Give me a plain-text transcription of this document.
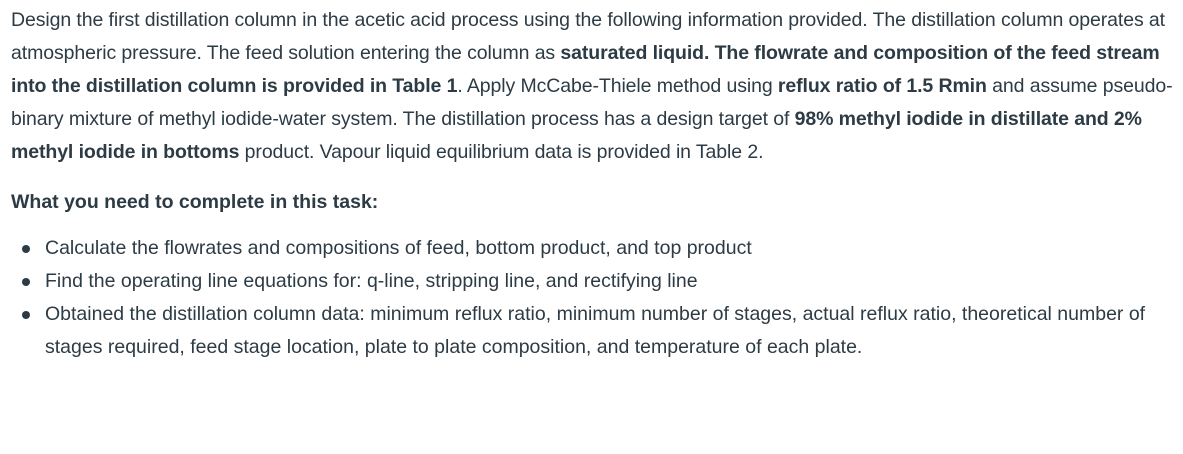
Design the first distillation column in the acetic acid process using the following information provided. The distillation column operates at atmospheric pressure. The feed solution entering the column as saturated liquid. The flowrate and composition of the feed stream into the distillation column is provided in Table 1. Apply McCabe-Thiele method using reflux ratio of 1.5 Rmin and assume pseudo-binary mixture of methyl iodide-water system. The distillation process has a design target of 98% methyl iodide in distillate and 2% methyl iodide in bottoms product. Vapour liquid equilibrium data is provided in Table 2.

What you need to complete in this task:

Calculate the flowrates and compositions of feed, bottom product, and top product
Find the operating line equations for: q-line, stripping line, and rectifying line
Obtained the distillation column data: minimum reflux ratio, minimum number of stages, actual reflux ratio, theoretical number of stages required, feed stage location, plate to plate composition, and temperature of each plate.
